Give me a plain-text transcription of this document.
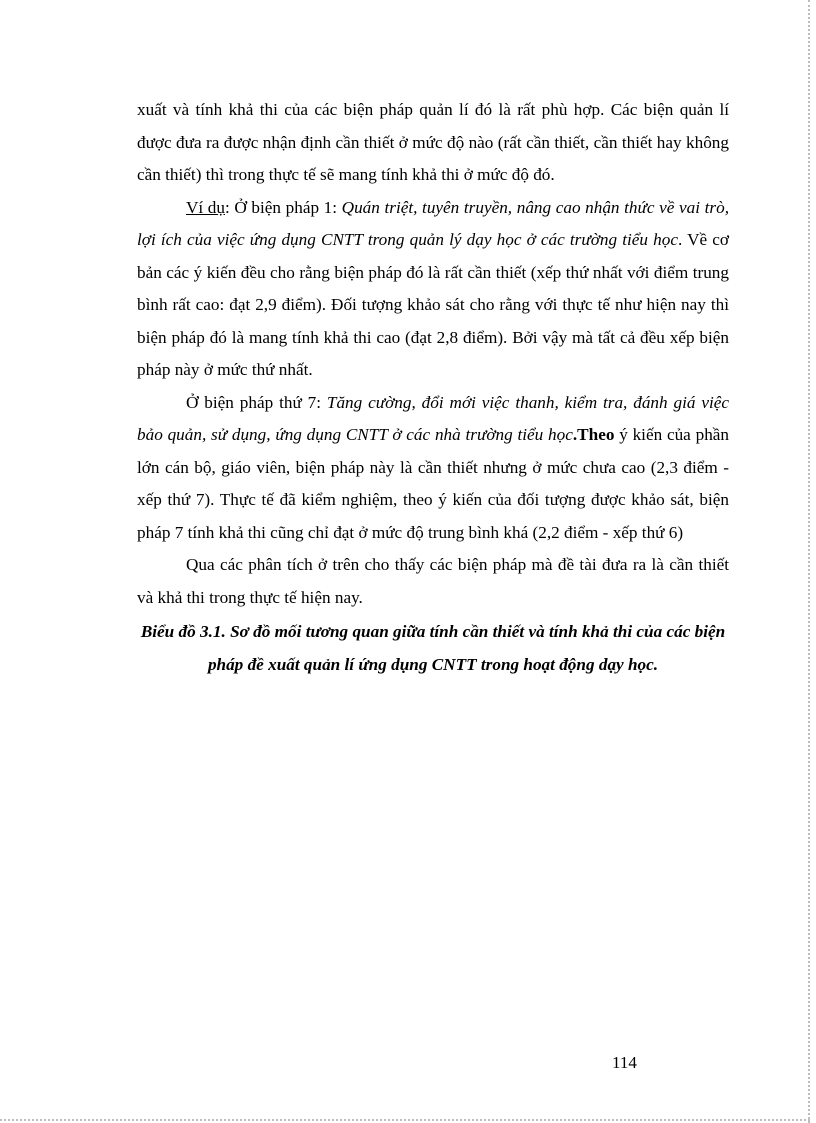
xuất và tính khả thi của các biện pháp quản lí đó là rất phù hợp. Các biện quản lí được đưa ra được nhận định cần thiết ở mức độ nào (rất cần thiết, cần thiết hay không cần thiết) thì trong thực tế sẽ mang tính khả thi ở mức độ đó.

Ví dụ: Ở biện pháp 1: Quán triệt, tuyên truyền, nâng cao nhận thức về vai trò, lợi ích của việc ứng dụng CNTT trong quản lý dạy học ở các trường tiểu học. Về cơ bản các ý kiến đều cho rằng biện pháp đó là rất cần thiết (xếp thứ nhất với điểm trung bình rất cao: đạt 2,9 điểm). Đối tượng khảo sát cho rằng với thực tế như hiện nay thì biện pháp đó là mang tính khả thi cao (đạt 2,8 điểm). Bởi vậy mà tất cả đều xếp biện pháp này ở mức thứ nhất.

Ở biện pháp thứ 7: Tăng cường, đổi mới việc thanh, kiểm tra, đánh giá việc bảo quản, sử dụng, ứng dụng CNTT ở các nhà trường tiểu học.Theo ý kiến của phần lớn cán bộ, giáo viên, biện pháp này là cần thiết nhưng ở mức chưa cao (2,3 điểm - xếp thứ 7). Thực tế đã kiểm nghiệm, theo ý kiến của đối tượng được khảo sát, biện pháp 7 tính khả thi cũng chỉ đạt ở mức độ trung bình khá (2,2 điểm - xếp thứ 6)

Qua các phân tích ở trên cho thấy các biện pháp mà đề tài đưa ra là cần thiết và khả thi trong thực tế hiện nay.

Biểu đồ 3.1. Sơ đồ mối tương quan giữa tính cần thiết và tính khả thi của các biện pháp đề xuất quản lí ứng dụng CNTT trong hoạt động dạy học.

114
